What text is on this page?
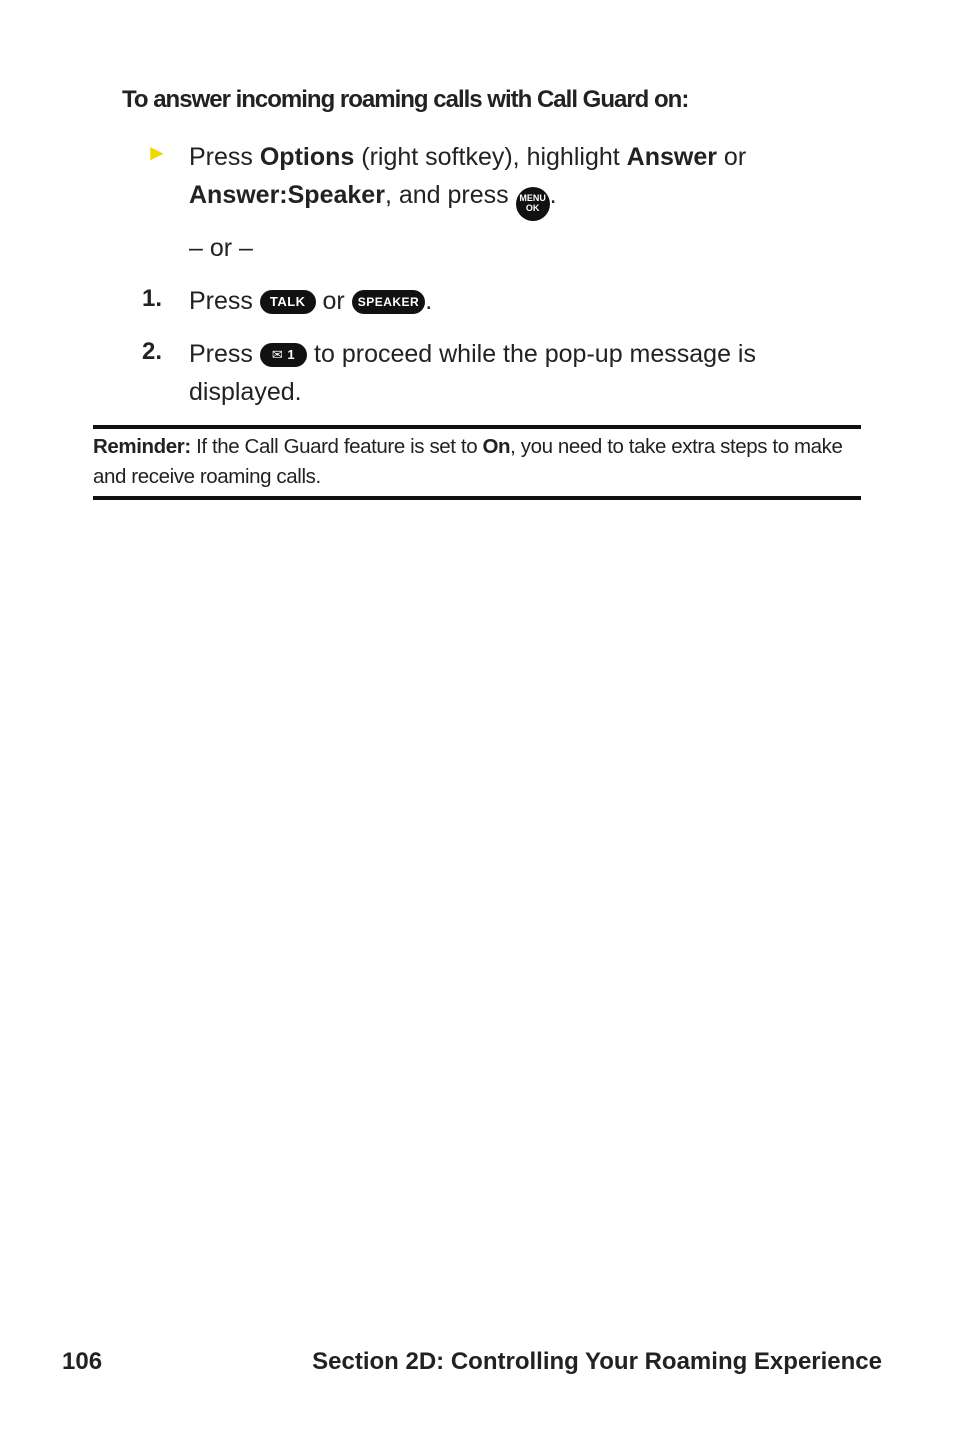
To answer incoming roaming calls with Call Guard on:
► Press Options (right softkey), highlight Answer or
Answer:Speaker, and press MENU
OK .
– or –
1. Press TALK or SPEAKER .
2. Press ✉ 1 to proceed while the pop-up message is
displayed.
Reminder: If the Call Guard feature is set to On, you need to take extra steps to make and receive roaming calls.
106	Section 2D: Controlling Your Roaming Experience
